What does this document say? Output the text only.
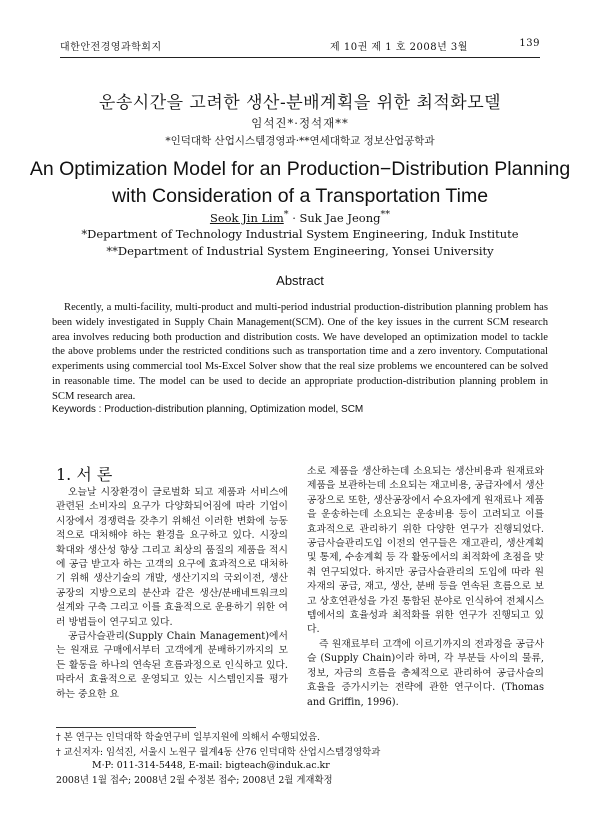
대한안전경영과학회지	제 10권 제 1 호 2008년 3월	139
운송시간을 고려한 생산-분배계획을 위한 최적화모델
임석진*·정석재**
*인덕대학 산업시스템경영과·**연세대학교 정보산업공학과
An Optimization Model for an Production−Distribution Planning
with Consideration of a Transportation Time
Seok Jin Lim* · Suk Jae Jeong**
*Department of Technology Industrial System Engineering, Induk Institute
**Department of Industrial System Engineering, Yonsei University
Abstract
Recently, a multi-facility, multi-product and multi-period industrial production-distribution planning problem has been widely investigated in Supply Chain Management(SCM). One of the key issues in the current SCM research area involves reducing both production and distribution costs. We have developed an optimization model to tackle the above problems under the restricted conditions such as transportation time and a zero inventory. Computational experiments using commercial tool Ms-Excel Solver show that the real size problems we encountered can be solved in reasonable time. The model can be used to decide an appropriate production-distribution planning problem in SCM research area.
Keywords : Production-distribution planning, Optimization model, SCM
1. 서 론

오늘날 시장환경이 글로벌화 되고 제품과 서비스에 관련된 소비자의 요구가 다양화되어짐에 따라 기업이 시장에서 경쟁력을 갖추기 위해선 이러한 변화에 능동적으로 대처해야 하는 환경을 요구하고 있다. 시장의 확대와 생산성 향상 그리고 최상의 품질의 제품을 적시에 공급 받고자 하는 고객의 요구에 효과적으로 대처하기 위해 생산기술의 개발, 생산기지의 국외이전, 생산공장의 지방으로의 분산과 같은 생산/분배네트워크의 설계와 구축 그리고 이를 효율적으로 운용하기 위한 여러 방법들이 연구되고 있다.

공급사슬관리(Supply Chain Management)에서는 원재료 구매에서부터 고객에게 분배하기까지의 모든 활동을 하나의 연속된 흐름과정으로 인식하고 있다. 따라서 효율적으로 운영되고 있는 시스템인지를 평가하는 중요한 요

소로 제품을 생산하는데 소요되는 생산비용과 원재료와 제품을 보관하는데 소요되는 재고비용, 공급자에서 생산공장으로 또한, 생산공장에서 수요자에게 원재료나 제품을 운송하는데 소요되는 운송비용 등이 고려되고 이를 효과적으로 관리하기 위한 다양한 연구가 진행되었다. 공급사슬관리도입 이전의 연구들은 재고관리, 생산계획 및 통제, 수송계획 등 각 활동에서의 최적화에 초점을 맞춰 연구되었다. 하지만 공급사슬관리의 도입에 따라 원자재의 공급, 재고, 생산, 분배 등을 연속된 흐름으로 보고 상호연관성을 가진 통합된 분야로 인식하여 전체시스템에서의 효율성과 최적화를 위한 연구가 진행되고 있다.

즉 원재료부터 고객에 이르기까지의 전과정을 공급사슬 (Supply Chain)이라 하며, 각 부분들 사이의 물류, 정보, 자금의 흐름을 총체적으로 관리하여 공급사슬의 효율을 증가시키는 전략에 관한 연구이다. (Thomas and Griffin, 1996).

† 본 연구는 인덕대학 학술연구비 일부지원에 의해서 수행되었음.
† 교신저자: 임석진, 서울시 노원구 월계4동 산76 인덕대학 산업시스템경영학과
M·P: 011-314-5448, E-mail: bigteach@induk.ac.kr
2008년 1월 접수; 2008년 2월 수정본 접수; 2008년 2월 게재확정
